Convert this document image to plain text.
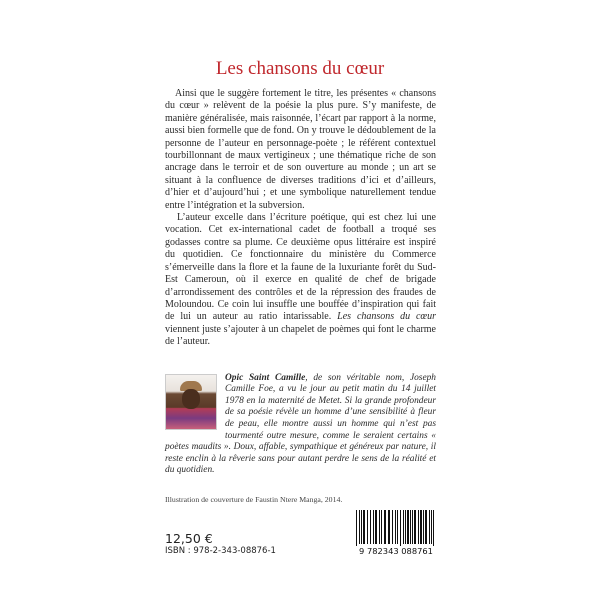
Les chansons du cœur

Ainsi que le suggère fortement le titre, les présentes « chansons du cœur » relèvent de la poésie la plus pure. S’y manifeste, de manière généralisée, mais raisonnée, l’écart par rapport à la norme, aussi bien formelle que de fond. On y trouve le dédoublement de la personne de l’auteur en personnage-poète ; le référent contextuel tourbillonnant de maux vertigineux ; une thématique riche de son ancrage dans le terroir et de son ouverture au monde ; un art se situant à la confluence de diverses traditions d’ici et d’ailleurs, d’hier et d’aujourd’hui ; et une symbolique naturellement tendue entre l’intégration et la subversion.

L’auteur excelle dans l’écriture poétique, qui est chez lui une vocation. Cet ex-international cadet de football a troqué ses godasses contre sa plume. Ce deuxième opus littéraire est inspiré du quotidien. Ce fonctionnaire du ministère du Commerce s’émerveille dans la flore et la faune de la luxuriante forêt du Sud-Est Cameroun, où il exerce en qualité de chef de brigade d’arrondissement des contrôles et de la répression des fraudes de Moloundou. Ce coin lui insuffle une bouffée d’inspiration qui fait de lui un auteur au ratio intarissable. Les chansons du cœur viennent juste s’ajouter à un chapelet de poèmes qui font le charme de l’auteur.

Opic Saint Camille, de son véritable nom, Joseph Camille Foe, a vu le jour au petit matin du 14 juillet 1978 en la maternité de Metet. Si la grande profondeur de sa poésie révèle un homme d’une sensibilité à fleur de peau, elle montre aussi un homme qui n’est pas tourmenté outre mesure, comme le seraient certains « poètes maudits ». Doux, affable, sympathique et généreux par nature, il reste enclin à la rêverie sans pour autant perdre le sens de la réalité et du quotidien.
Illustration de couverture de Faustin Ntere Manga, 2014.
12,50 €
ISBN : 978-2-343-08876-1	9 782343 088761
